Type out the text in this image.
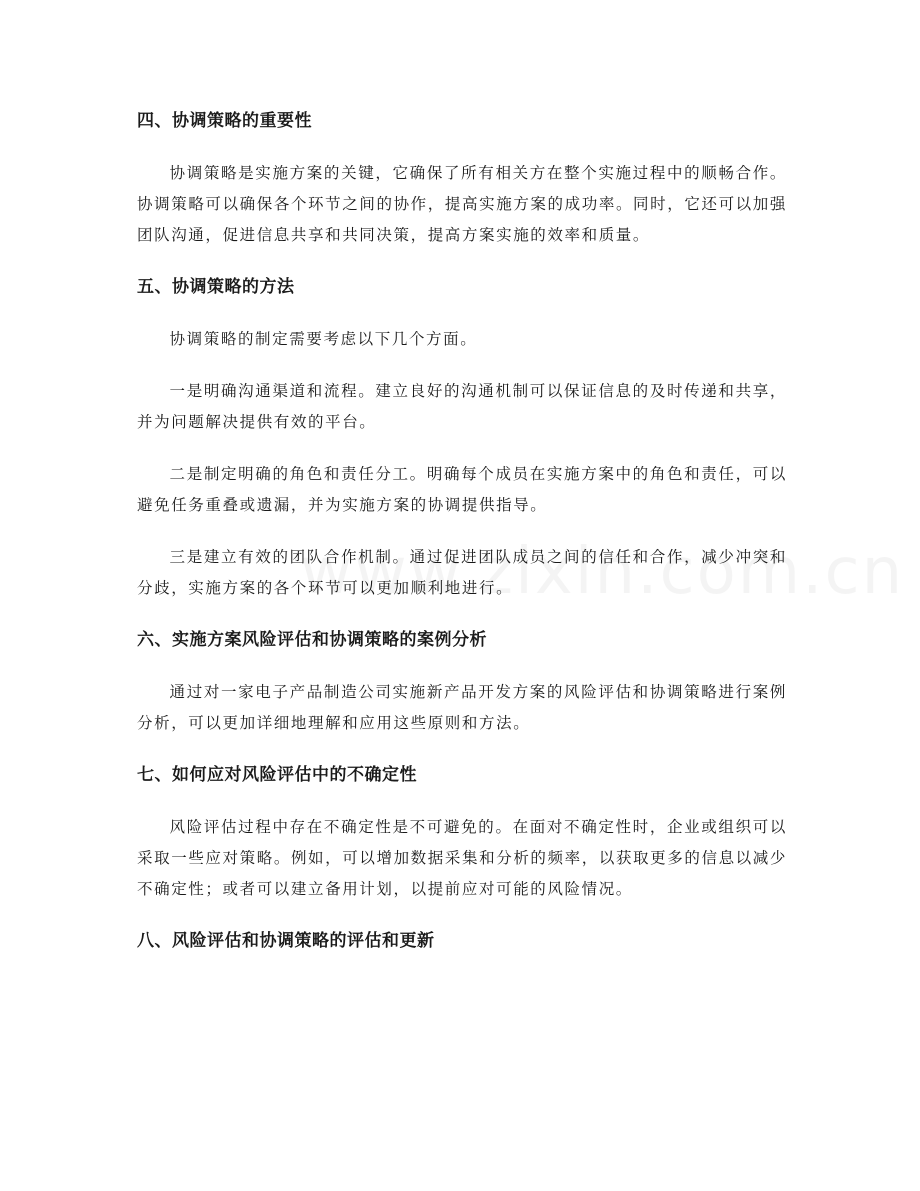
四、协调策略的重要性

协调策略是实施方案的关键，它确保了所有相关方在整个实施过程中的顺畅合作。协调策略可以确保各个环节之间的协作，提高实施方案的成功率。同时，它还可以加强团队沟通，促进信息共享和共同决策，提高方案实施的效率和质量。

五、协调策略的方法

协调策略的制定需要考虑以下几个方面。

一是明确沟通渠道和流程。建立良好的沟通机制可以保证信息的及时传递和共享，并为问题解决提供有效的平台。

二是制定明确的角色和责任分工。明确每个成员在实施方案中的角色和责任，可以避免任务重叠或遗漏，并为实施方案的协调提供指导。

三是建立有效的团队合作机制。通过促进团队成员之间的信任和合作，减少冲突和分歧，实施方案的各个环节可以更加顺利地进行。

六、实施方案风险评估和协调策略的案例分析

通过对一家电子产品制造公司实施新产品开发方案的风险评估和协调策略进行案例分析，可以更加详细地理解和应用这些原则和方法。

七、如何应对风险评估中的不确定性

风险评估过程中存在不确定性是不可避免的。在面对不确定性时，企业或组织可以采取一些应对策略。例如，可以增加数据采集和分析的频率，以获取更多的信息以减少不确定性；或者可以建立备用计划，以提前应对可能的风险情况。

八、风险评估和协调策略的评估和更新
